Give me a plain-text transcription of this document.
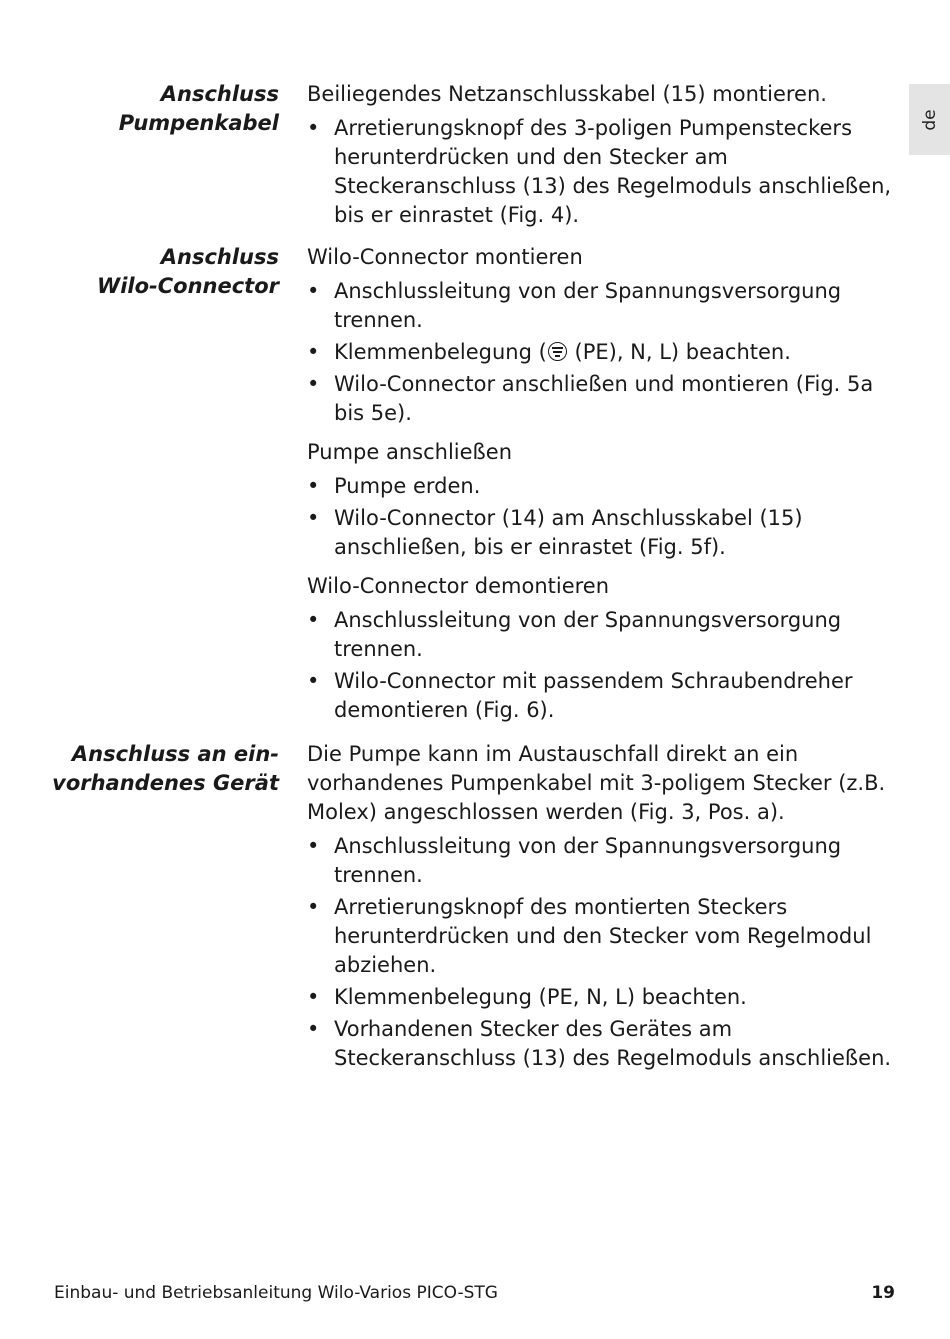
de
Anschluss
Pumpenkabel

Beiliegendes Netzanschlusskabel (15) montieren.

• Arretierungsknopf des 3-poligen Pumpensteckers herunterdrücken und den Stecker am Steckeranschluss (13) des Regelmoduls anschließen, bis er einrastet (Fig. 4).
Anschluss
Wilo-Connector

Wilo-Connector montieren

• Anschlussleitung von der Spannungsversorgung trennen.
• Klemmenbelegung (
(PE), N, L) beachten.
• Wilo-Connector anschließen und montieren (Fig. 5a bis 5e).

Pumpe anschließen

• Pumpe erden.
• Wilo-Connector (14) am Anschlusskabel (15) anschließen, bis er einrastet (Fig. 5f).

Wilo-Connector demontieren

• Anschlussleitung von der Spannungsversorgung trennen.
• Wilo-Connector mit passendem Schraubendreher demontieren (Fig. 6).
Anschluss an ein-
vorhandenes Gerät

Die Pumpe kann im Austauschfall direkt an ein vorhandenes Pumpenkabel mit 3-poligem Stecker (z.B. Molex) angeschlossen werden (Fig. 3, Pos. a).

• Anschlussleitung von der Spannungsversorgung trennen.
• Arretierungsknopf des montierten Steckers herunterdrücken und den Stecker vom Regelmodul abziehen.
• Klemmenbelegung (PE, N, L) beachten.
• Vorhandenen Stecker des Gerätes am Steckeranschluss (13) des Regelmoduls anschließen.
Einbau- und Betriebsanleitung Wilo-Varios PICO-STG	19
